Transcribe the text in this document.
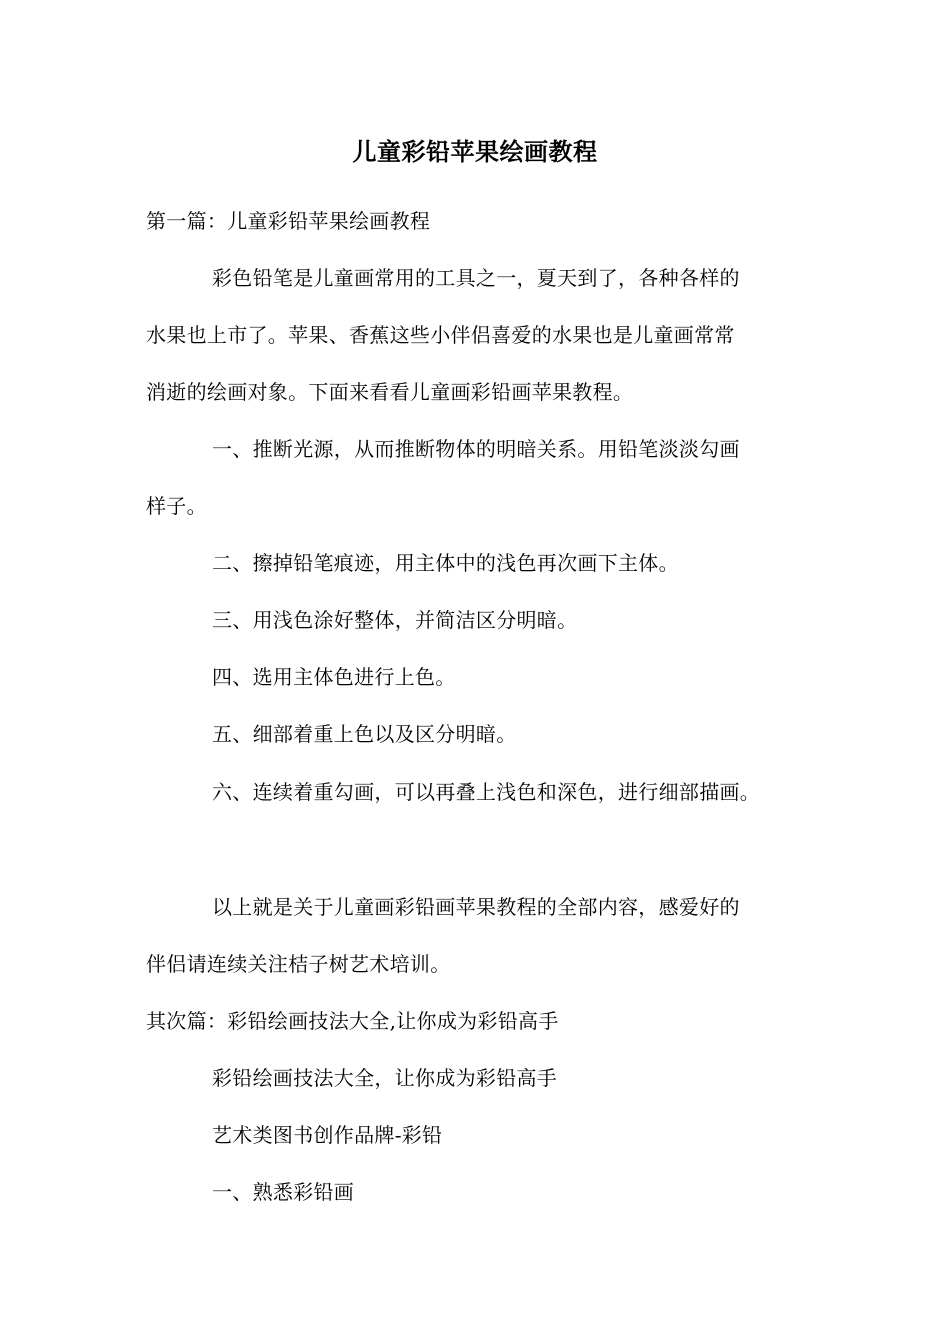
儿童彩铅苹果绘画教程
第一篇：儿童彩铅苹果绘画教程
彩色铅笔是儿童画常用的工具之一，夏天到了，各种各样的
水果也上市了。苹果、香蕉这些小伴侣喜爱的水果也是儿童画常常
消逝的绘画对象。下面来看看儿童画彩铅画苹果教程。
一、推断光源，从而推断物体的明暗关系。用铅笔淡淡勾画
样子。
二、擦掉铅笔痕迹，用主体中的浅色再次画下主体。
三、用浅色涂好整体，并简洁区分明暗。
四、选用主体色进行上色。
五、细部着重上色以及区分明暗。
六、连续着重勾画，可以再叠上浅色和深色，进行细部描画。
以上就是关于儿童画彩铅画苹果教程的全部内容，感爱好的
伴侣请连续关注桔子树艺术培训。
其次篇：彩铅绘画技法大全,让你成为彩铅高手
彩铅绘画技法大全，让你成为彩铅高手
艺术类图书创作品牌-彩铅
一、熟悉彩铅画
